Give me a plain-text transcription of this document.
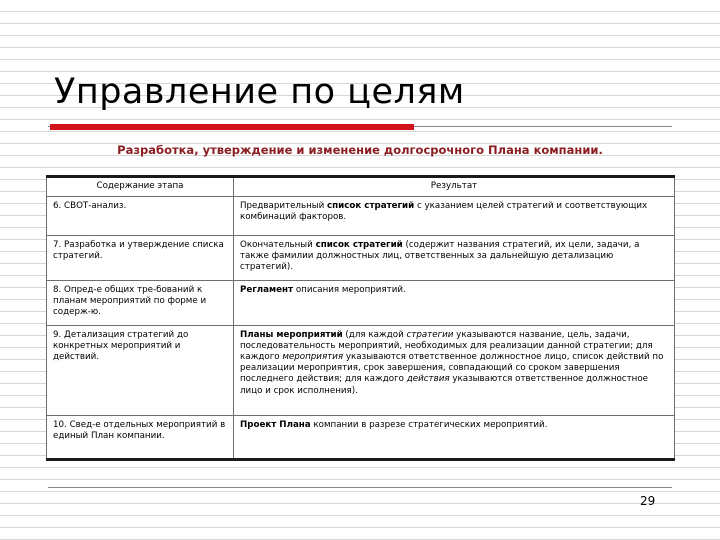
Управление по целям
Разработка, утверждение и изменение долгосрочного Плана компании.
Содержание этапа	Результат
6. СВОТ-анализ.	Предварительный список стратегий с указанием целей стратегий и соответствующих комбинаций факторов.
7. Разработка и утверждение списка стратегий.	Окончательный список стратегий (содержит названия стратегий, их цели, задачи, а также фамилии должностных лиц, ответственных за дальнейшую детализацию стратегий).
8. Опред-е общих тре-бований к планам мероприятий по форме и содерж-ю.	Регламент описания мероприятий.
9. Детализация стратегий до конкретных мероприятий и действий.	Планы мероприятий (для каждой стратегии указываются название, цель, задачи, последовательность мероприятий, необходимых для реализации данной стратегии; для каждого мероприятия указываются ответственное должностное лицо, список действий по реализации мероприятия, срок завершения, совпадающий со сроком завершения последнего действия; для каждого действия указываются ответственное должностное лицо и срок исполнения).
10. Свед-е отдельных мероприятий в единый План компании.	Проект Плана компании в разрезе стратегических мероприятий.
29
